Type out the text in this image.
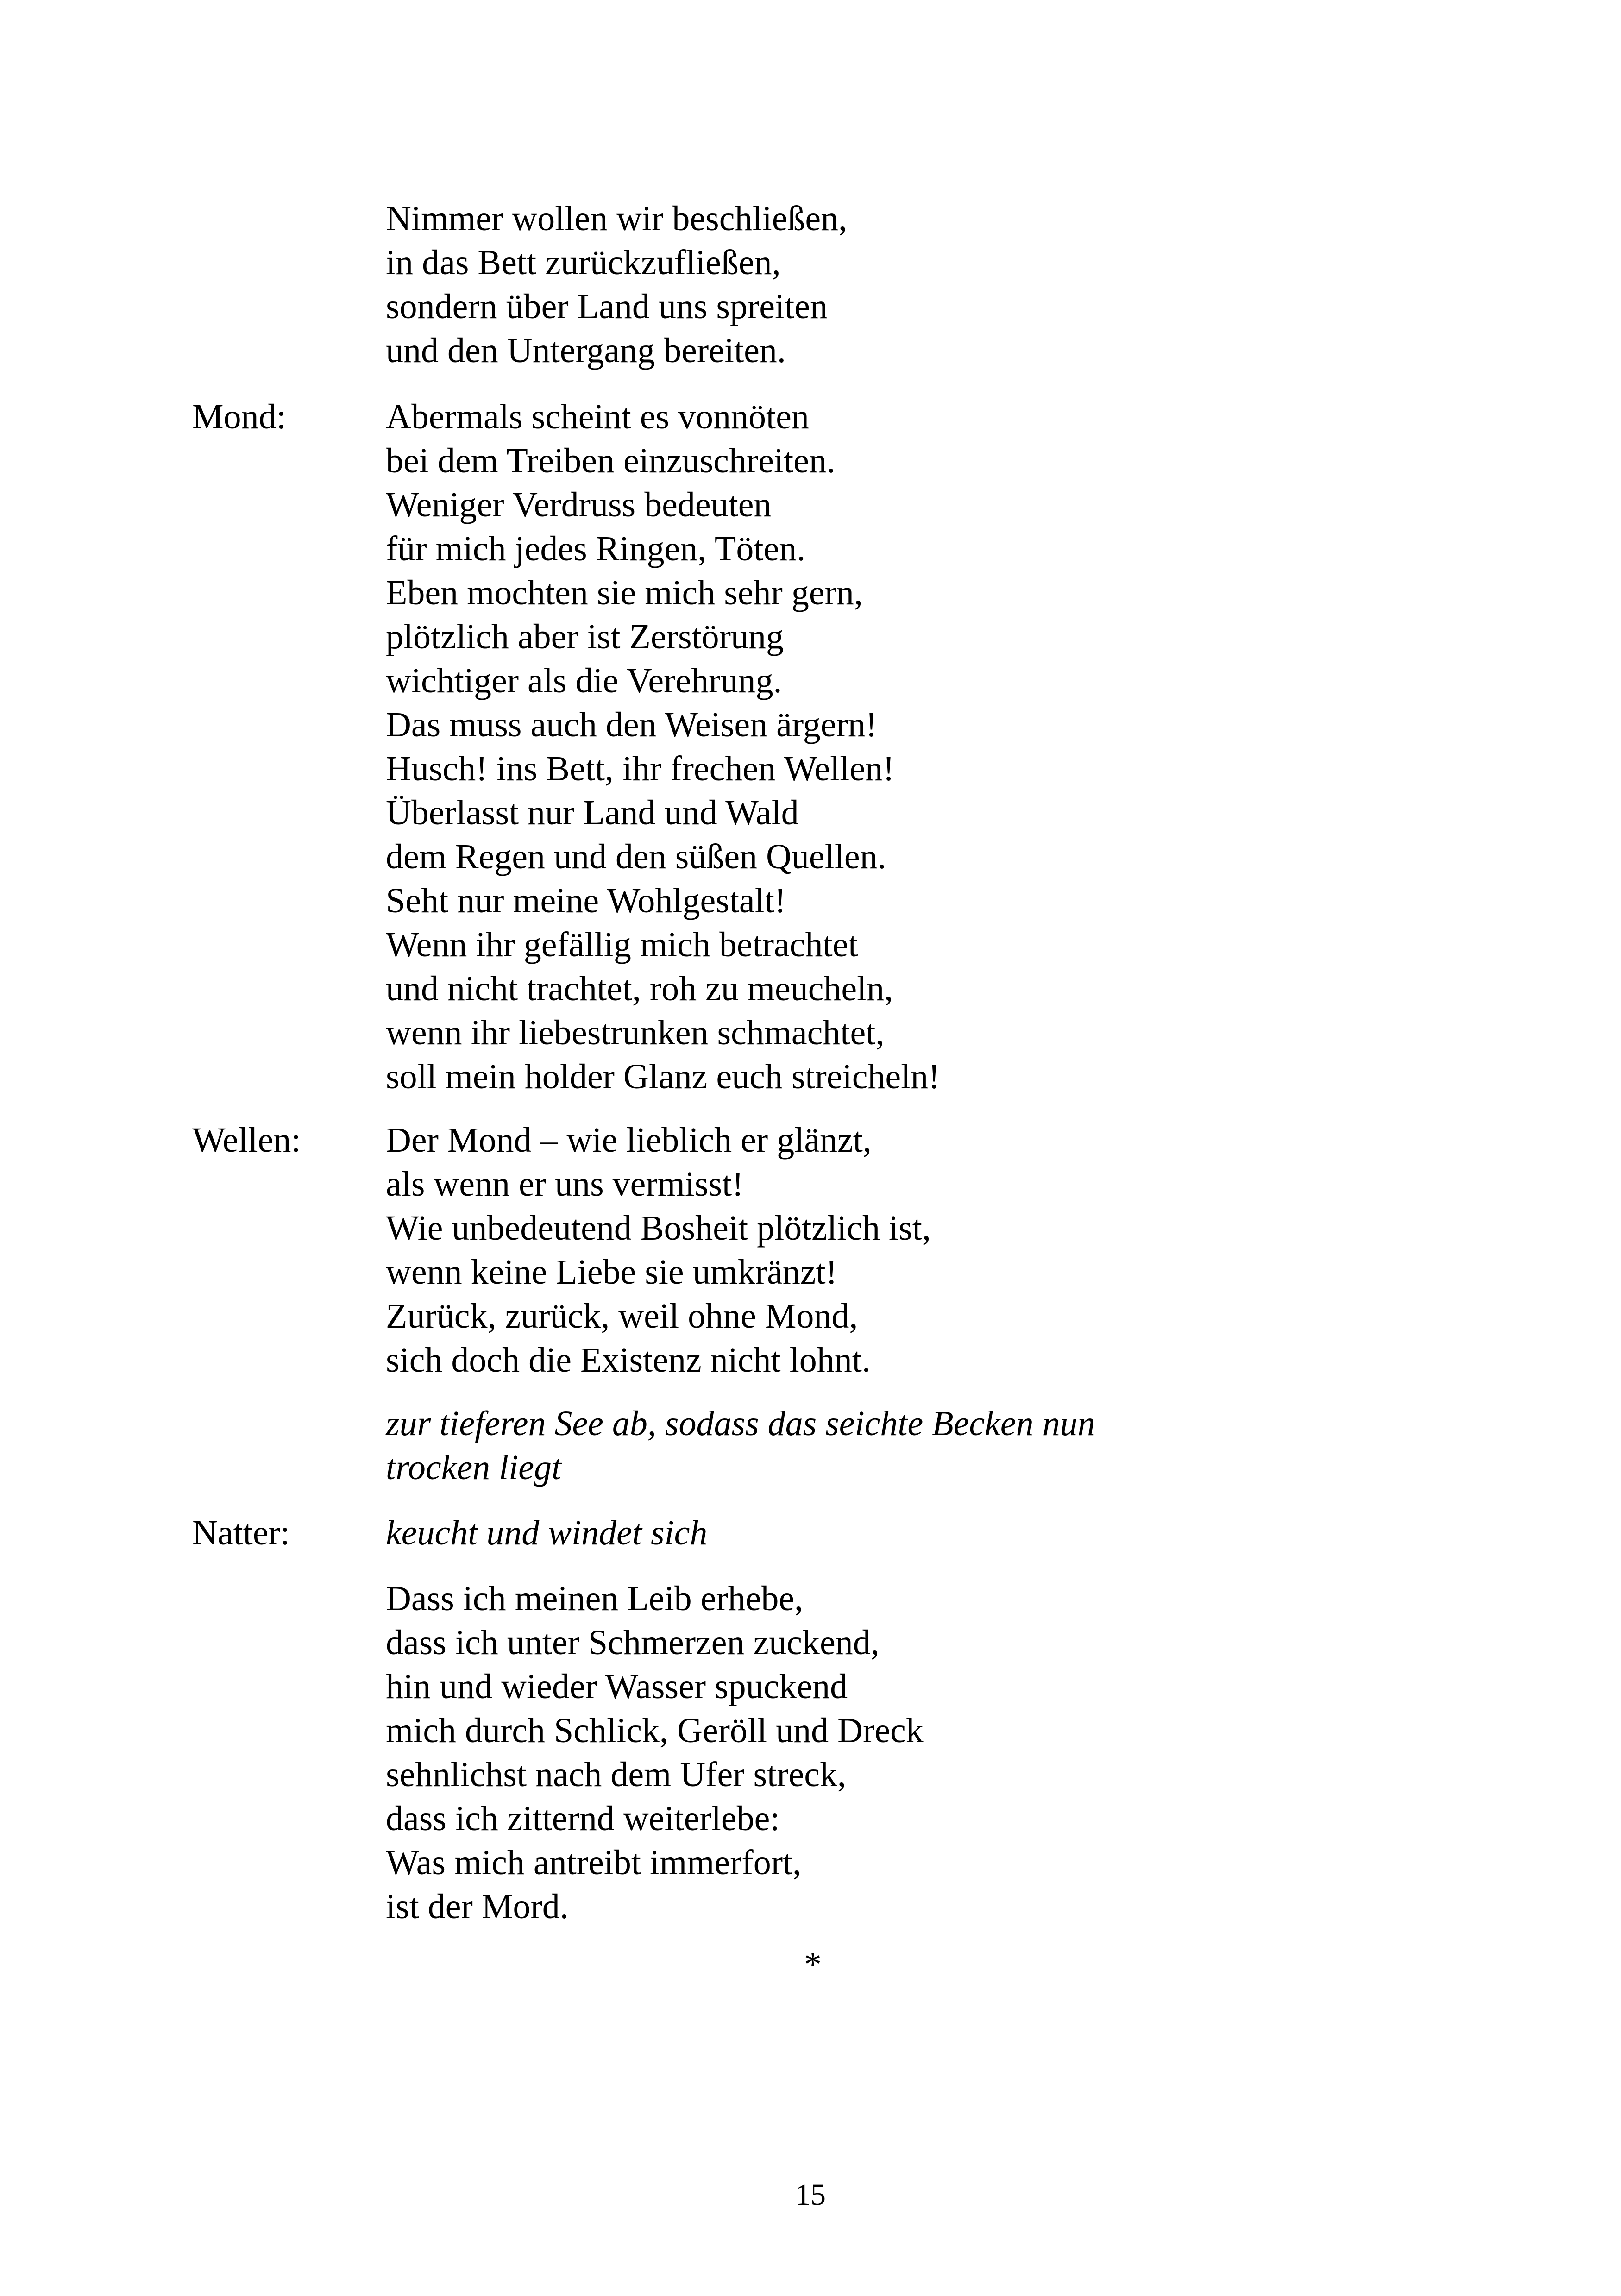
Nimmer wollen wir beschließen,
in das Bett zurückzufließen,
sondern über Land uns spreiten
und den Untergang bereiten.
Mond:	Abermals scheint es vonnöten
bei dem Treiben einzuschreiten.
Weniger Verdruss bedeuten
für mich jedes Ringen, Töten.
Eben mochten sie mich sehr gern,
plötzlich aber ist Zerstörung
wichtiger als die Verehrung.
Das muss auch den Weisen ärgern!
Husch! ins Bett, ihr frechen Wellen!
Überlasst nur Land und Wald
dem Regen und den süßen Quellen.
Seht nur meine Wohlgestalt!
Wenn ihr gefällig mich betrachtet
und nicht trachtet, roh zu meucheln,
wenn ihr liebestrunken schmachtet,
soll mein holder Glanz euch streicheln!
Wellen: Der Mond – wie lieblich er glänzt,
als wenn er uns vermisst!
Wie unbedeutend Bosheit plötzlich ist,
wenn keine Liebe sie umkränzt!
Zurück, zurück, weil ohne Mond,
sich doch die Existenz nicht lohnt.
zur tieferen See ab, sodass das seichte Becken nun
trocken liegt
Natter:	keucht und windet sich
Dass ich meinen Leib erhebe,
dass ich unter Schmerzen zuckend,
hin und wieder Wasser spuckend
mich durch Schlick, Geröll und Dreck
sehnlichst nach dem Ufer streck,
dass ich zitternd weiterlebe:
Was mich antreibt immerfort,
ist der Mord.
*
15
